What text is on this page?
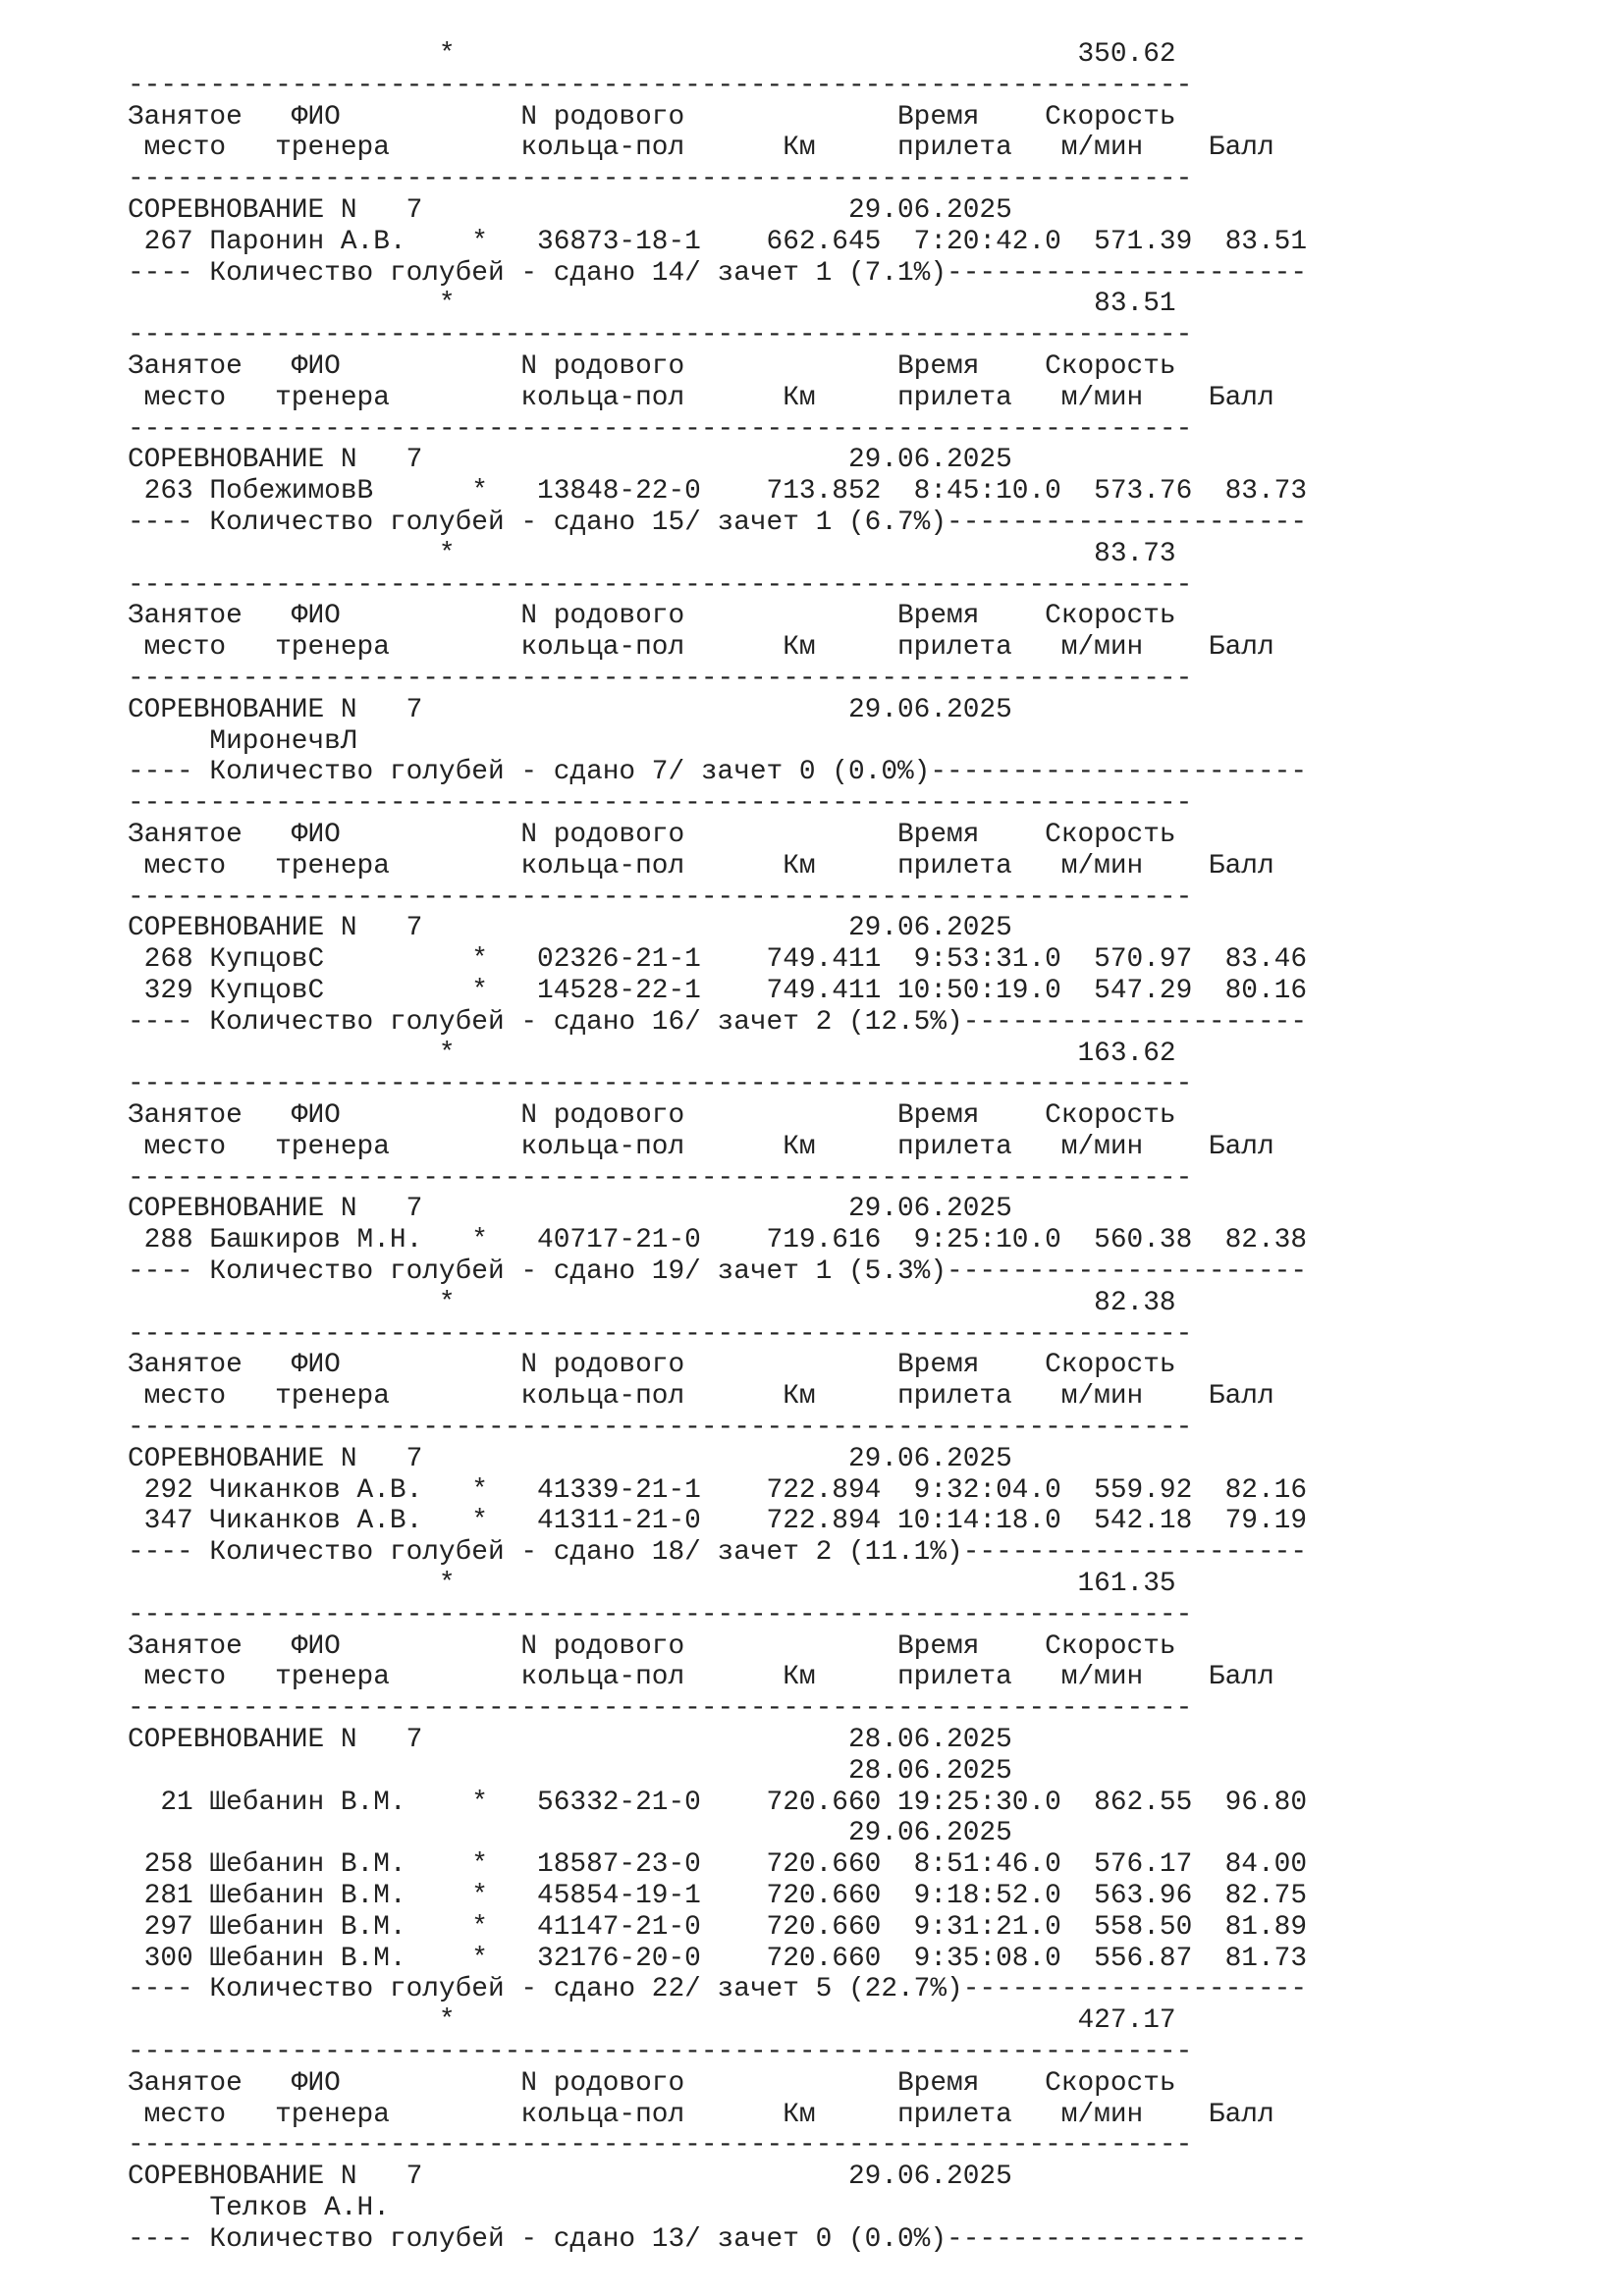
*                                      350.62
-----------------------------------------------------------------
Занятое   ФИО           N родового             Время    Скорость
место   тренера        кольца-пол      Км     прилета   м/мин    Балл
-----------------------------------------------------------------
СОРЕВНОВАНИЕ N   7                          29.06.2025
267 Паронин А.В.    *   36873-18-1    662.645  7:20:42.0  571.39  83.51
---- Количество голубей - сдано 14/ зачет 1 (7.1%)----------------------
*                                       83.51
-----------------------------------------------------------------
Занятое   ФИО           N родового             Время    Скорость
место   тренера        кольца-пол      Км     прилета   м/мин    Балл
-----------------------------------------------------------------
СОРЕВНОВАНИЕ N   7                          29.06.2025
263 ПобежимовВ      *   13848-22-0    713.852  8:45:10.0  573.76  83.73
---- Количество голубей - сдано 15/ зачет 1 (6.7%)----------------------
*                                       83.73
-----------------------------------------------------------------
Занятое   ФИО           N родового             Время    Скорость
место   тренера        кольца-пол      Км     прилета   м/мин    Балл
-----------------------------------------------------------------
СОРЕВНОВАНИЕ N   7                          29.06.2025
МиронечвЛ
---- Количество голубей - сдано 7/ зачет 0 (0.0%)-----------------------
-----------------------------------------------------------------
Занятое   ФИО           N родового             Время    Скорость
место   тренера        кольца-пол      Км     прилета   м/мин    Балл
-----------------------------------------------------------------
СОРЕВНОВАНИЕ N   7                          29.06.2025
268 КупцовС         *   02326-21-1    749.411  9:53:31.0  570.97  83.46
329 КупцовС         *   14528-22-1    749.411 10:50:19.0  547.29  80.16
---- Количество голубей - сдано 16/ зачет 2 (12.5%)---------------------
*                                      163.62
-----------------------------------------------------------------
Занятое   ФИО           N родового             Время    Скорость
место   тренера        кольца-пол      Км     прилета   м/мин    Балл
-----------------------------------------------------------------
СОРЕВНОВАНИЕ N   7                          29.06.2025
288 Башкиров М.Н.   *   40717-21-0    719.616  9:25:10.0  560.38  82.38
---- Количество голубей - сдано 19/ зачет 1 (5.3%)----------------------
*                                       82.38
-----------------------------------------------------------------
Занятое   ФИО           N родового             Время    Скорость
место   тренера        кольца-пол      Км     прилета   м/мин    Балл
-----------------------------------------------------------------
СОРЕВНОВАНИЕ N   7                          29.06.2025
292 Чиканков А.В.   *   41339-21-1    722.894  9:32:04.0  559.92  82.16
347 Чиканков А.В.   *   41311-21-0    722.894 10:14:18.0  542.18  79.19
---- Количество голубей - сдано 18/ зачет 2 (11.1%)---------------------
*                                      161.35
-----------------------------------------------------------------
Занятое   ФИО           N родового             Время    Скорость
место   тренера        кольца-пол      Км     прилета   м/мин    Балл
-----------------------------------------------------------------
СОРЕВНОВАНИЕ N   7                          28.06.2025
28.06.2025
21 Шебанин В.М.    *   56332-21-0    720.660 19:25:30.0  862.55  96.80
29.06.2025
258 Шебанин В.М.    *   18587-23-0    720.660  8:51:46.0  576.17  84.00
281 Шебанин В.М.    *   45854-19-1    720.660  9:18:52.0  563.96  82.75
297 Шебанин В.М.    *   41147-21-0    720.660  9:31:21.0  558.50  81.89
300 Шебанин В.М.    *   32176-20-0    720.660  9:35:08.0  556.87  81.73
---- Количество голубей - сдано 22/ зачет 5 (22.7%)---------------------
*                                      427.17
-----------------------------------------------------------------
Занятое   ФИО           N родового             Время    Скорость
место   тренера        кольца-пол      Км     прилета   м/мин    Балл
-----------------------------------------------------------------
СОРЕВНОВАНИЕ N   7                          29.06.2025
Телков А.Н.
---- Количество голубей - сдано 13/ зачет 0 (0.0%)----------------------
